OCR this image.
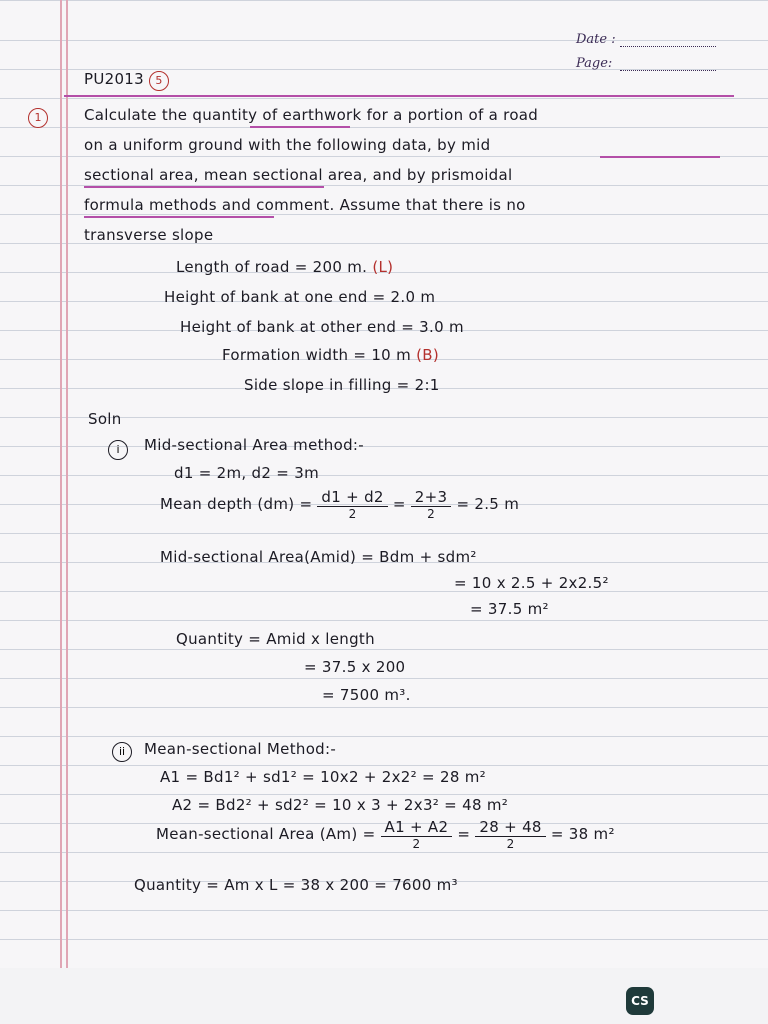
Date :
Page:
PU2013 5
1	Calculate the quantity of earthwork for a portion of a road
on a uniform ground with the following data, by mid
sectional area, mean sectional area, and by prismoidal
formula methods and comment. Assume that there is no
transverse slope
Length of road = 200 m. (L)
Height of bank at one end = 2.0 m
Height of bank at other end = 3.0 m
Formation width = 10 m (B)
Side slope in filling = 2:1
Soln
i	Mid-sectional Area method:-
d1 = 2m, d2 = 3m
Mean depth $(dm) = \frac{d1 + d2}{2} = \frac{2+3}{2} = 2.5$ m
Mid-sectional Area(Amid) = Bdm + sdm²
= 10 x 2.5 + 2x2.5²
= 37.5 m²
Quantity = Amid x length
= 37.5 x 200
= 7500 m³.
ii	Mean-sectional Method:-
A1 = Bd1² + sd1² = 10x2 + 2x2² = 28 m²
A2 = Bd2² + sd2² = 10 x 3 + 2x3² = 48 m²
Mean-sectional Area $(Am) = \frac{A1 + A2}{2} = \frac{28 + 48}{2} = 38$ m²
Quantity = Am x L = 38 x 200 = 7600 m³
CS
